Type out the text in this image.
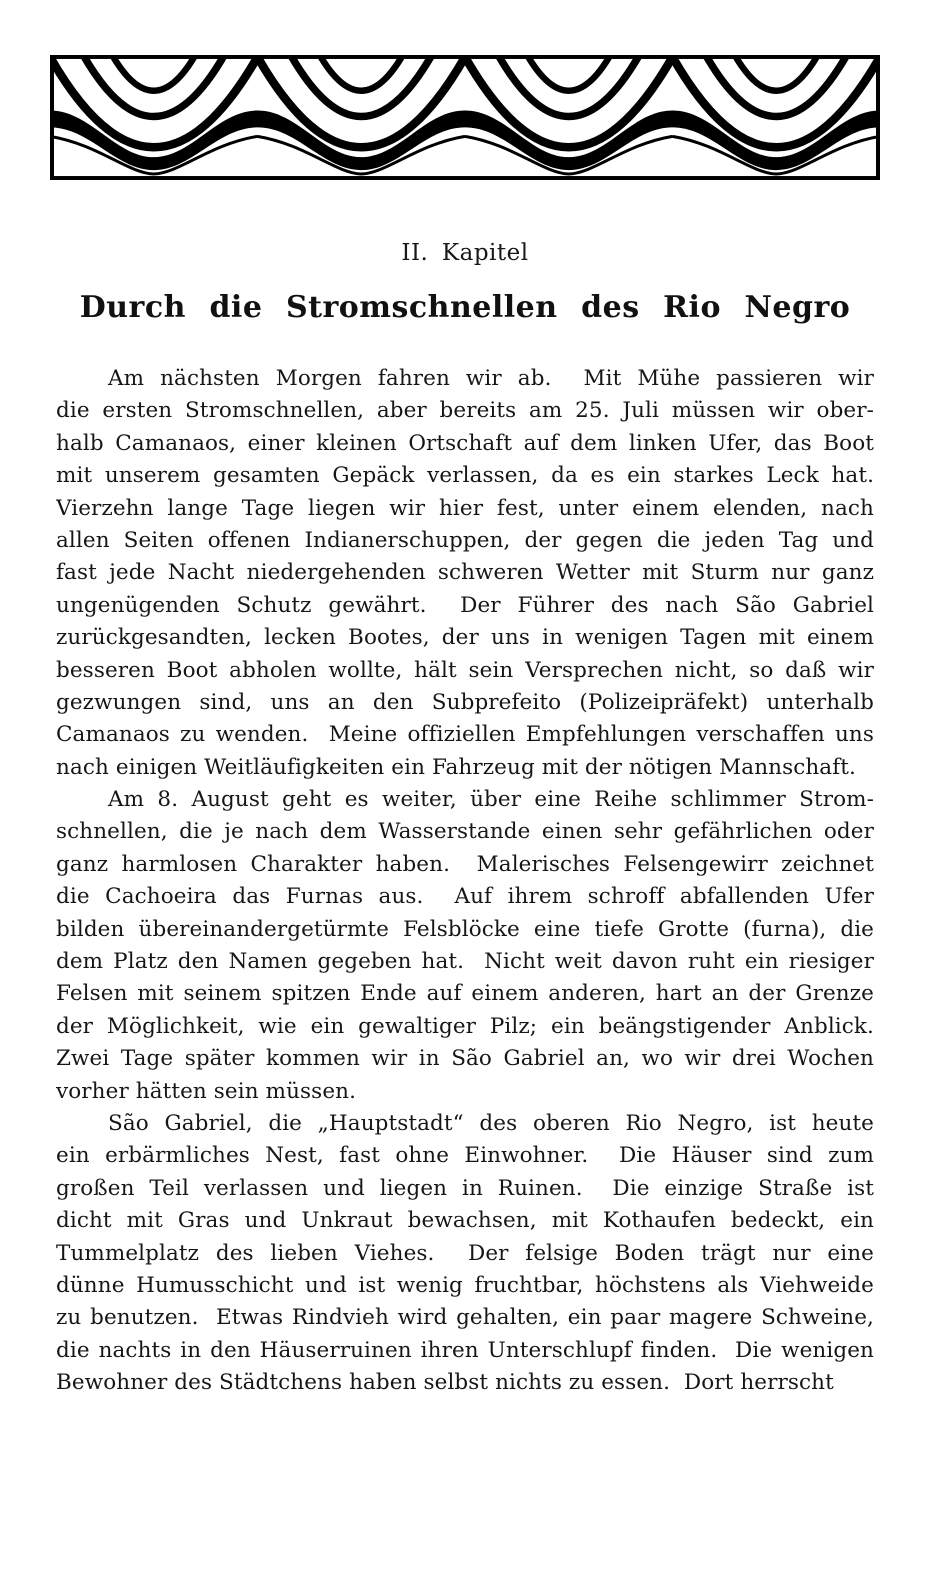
II. Kapitel
Durch die Stromschnellen des Rio Negro
Am nächsten Morgen fahren wir ab.  Mit Mühe passieren wir
die ersten Stromschnellen, aber bereits am 25. Juli müssen wir ober-
halb Camanaos, einer kleinen Ortschaft auf dem linken Ufer, das Boot
mit unserem gesamten Gepäck verlassen, da es ein starkes Leck hat.
Vierzehn lange Tage liegen wir hier fest, unter einem elenden, nach
allen Seiten offenen Indianerschuppen, der gegen die jeden Tag und
fast jede Nacht niedergehenden schweren Wetter mit Sturm nur ganz
ungenügenden Schutz gewährt.  Der Führer des nach São Gabriel
zurückgesandten, lecken Bootes, der uns in wenigen Tagen mit einem
besseren Boot abholen wollte, hält sein Versprechen nicht, so daß wir
gezwungen sind, uns an den Subprefeito (Polizeipräfekt) unterhalb
Camanaos zu wenden.  Meine offiziellen Empfehlungen verschaffen uns
nach einigen Weitläufigkeiten ein Fahrzeug mit der nötigen Mannschaft.
Am 8. August geht es weiter, über eine Reihe schlimmer Strom-
schnellen, die je nach dem Wasserstande einen sehr gefährlichen oder
ganz harmlosen Charakter haben.  Malerisches Felsengewirr zeichnet
die Cachoeira das Furnas aus.  Auf ihrem schroff abfallenden Ufer
bilden übereinandergetürmte Felsblöcke eine tiefe Grotte (furna), die
dem Platz den Namen gegeben hat.  Nicht weit davon ruht ein riesiger
Felsen mit seinem spitzen Ende auf einem anderen, hart an der Grenze
der Möglichkeit, wie ein gewaltiger Pilz; ein beängstigender Anblick.
Zwei Tage später kommen wir in São Gabriel an, wo wir drei Wochen
vorher hätten sein müssen.
São Gabriel, die „Hauptstadt“ des oberen Rio Negro, ist heute
ein erbärmliches Nest, fast ohne Einwohner.  Die Häuser sind zum
großen Teil verlassen und liegen in Ruinen.  Die einzige Straße ist
dicht mit Gras und Unkraut bewachsen, mit Kothaufen bedeckt, ein
Tummelplatz des lieben Viehes.  Der felsige Boden trägt nur eine
dünne Humusschicht und ist wenig fruchtbar, höchstens als Viehweide
zu benutzen.  Etwas Rindvieh wird gehalten, ein paar magere Schweine,
die nachts in den Häuserruinen ihren Unterschlupf finden.  Die wenigen
Bewohner des Städtchens haben selbst nichts zu essen.  Dort herrscht
